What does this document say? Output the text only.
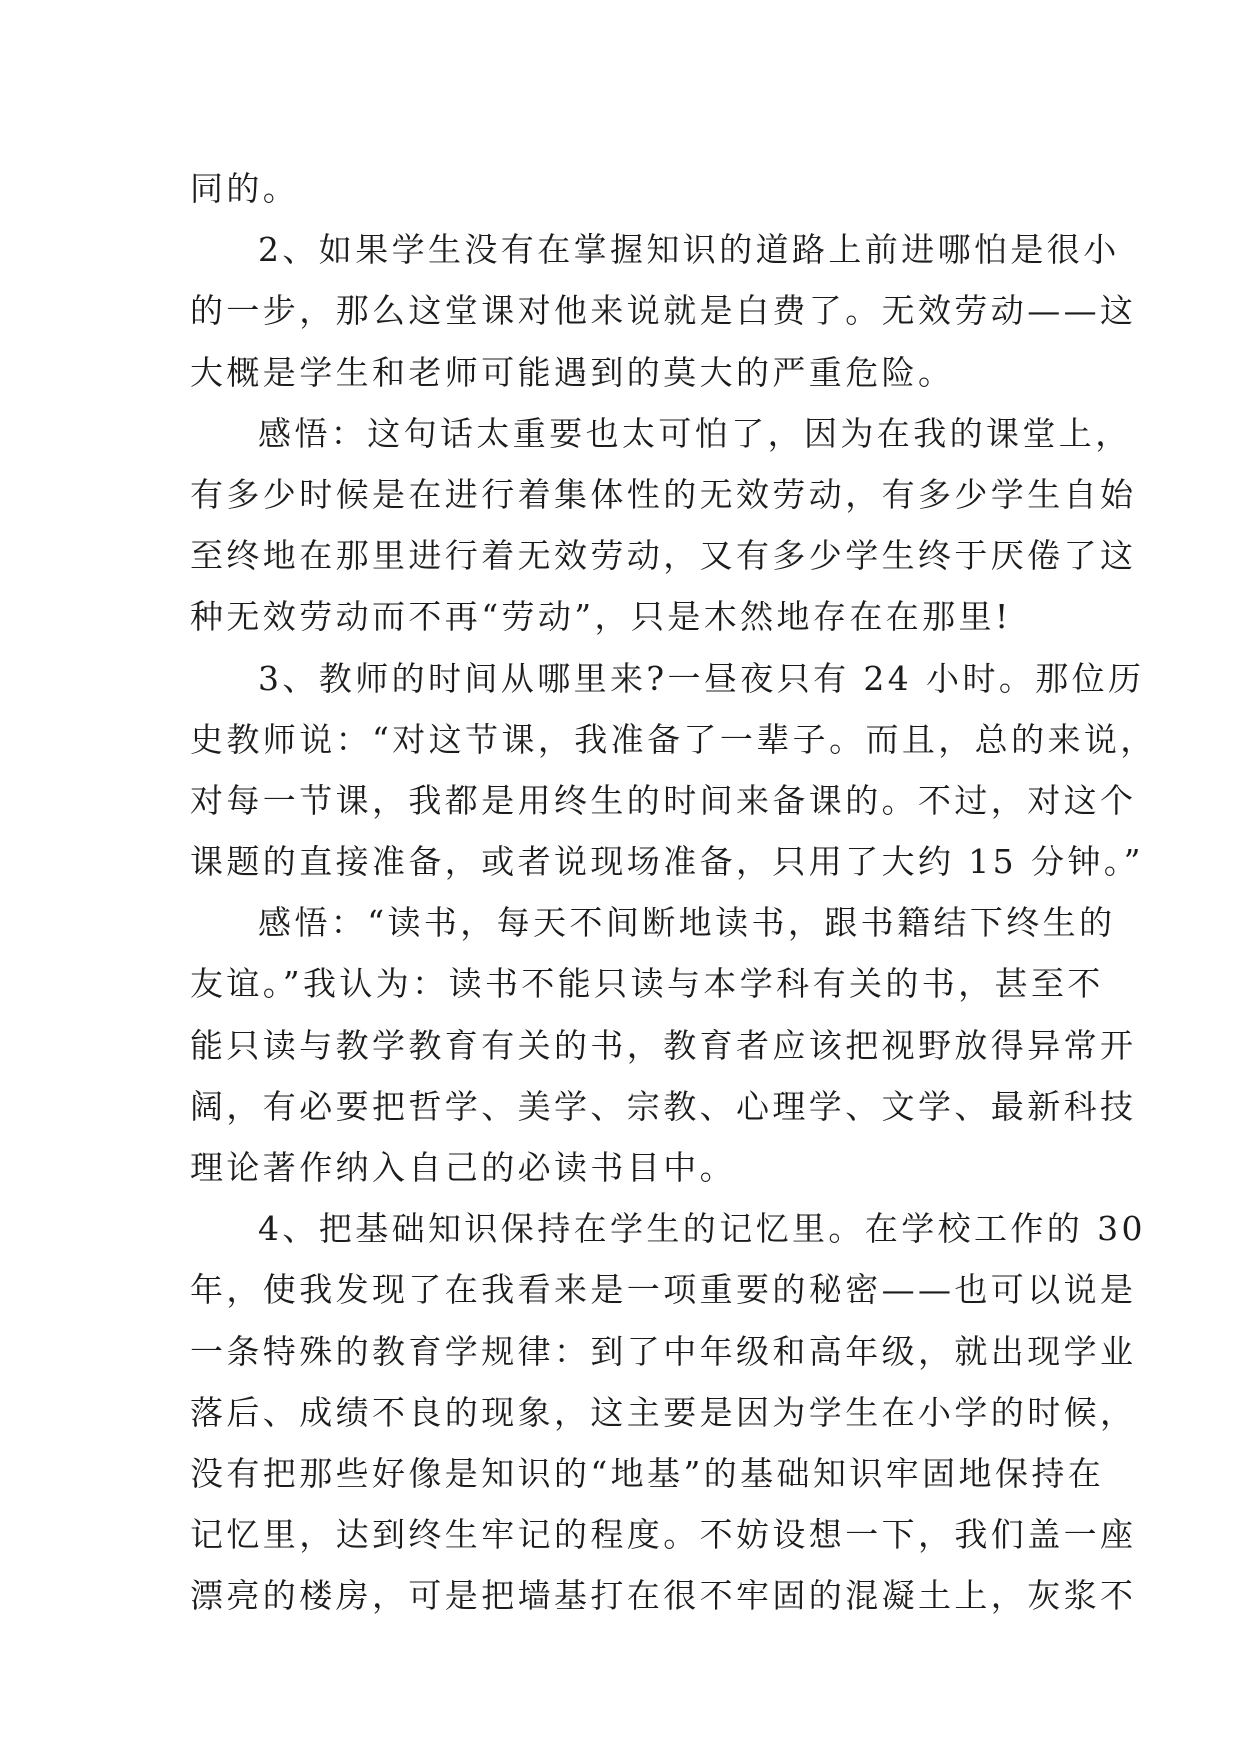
同的。
2、如果学生没有在掌握知识的道路上前进哪怕是很小
的一步，那么这堂课对他来说就是白费了。无效劳动——这
大概是学生和老师可能遇到的莫大的严重危险。
感悟：这句话太重要也太可怕了，因为在我的课堂上，
有多少时候是在进行着集体性的无效劳动，有多少学生自始
至终地在那里进行着无效劳动，又有多少学生终于厌倦了这
种无效劳动而不再“劳动”，只是木然地存在在那里!
3、教师的时间从哪里来?一昼夜只有 24 小时。那位历
史教师说：“对这节课，我准备了一辈子。而且，总的来说，
对每一节课，我都是用终生的时间来备课的。不过，对这个
课题的直接准备，或者说现场准备，只用了大约 15 分钟。”
感悟：“读书，每天不间断地读书，跟书籍结下终生的
友谊。”我认为：读书不能只读与本学科有关的书，甚至不
能只读与教学教育有关的书，教育者应该把视野放得异常开
阔，有必要把哲学、美学、宗教、心理学、文学、最新科技
理论著作纳入自己的必读书目中。
4、把基础知识保持在学生的记忆里。在学校工作的 30
年，使我发现了在我看来是一项重要的秘密——也可以说是
一条特殊的教育学规律：到了中年级和高年级，就出现学业
落后、成绩不良的现象，这主要是因为学生在小学的时候，
没有把那些好像是知识的“地基”的基础知识牢固地保持在
记忆里，达到终生牢记的程度。不妨设想一下，我们盖一座
漂亮的楼房，可是把墙基打在很不牢固的混凝土上，灰浆不
